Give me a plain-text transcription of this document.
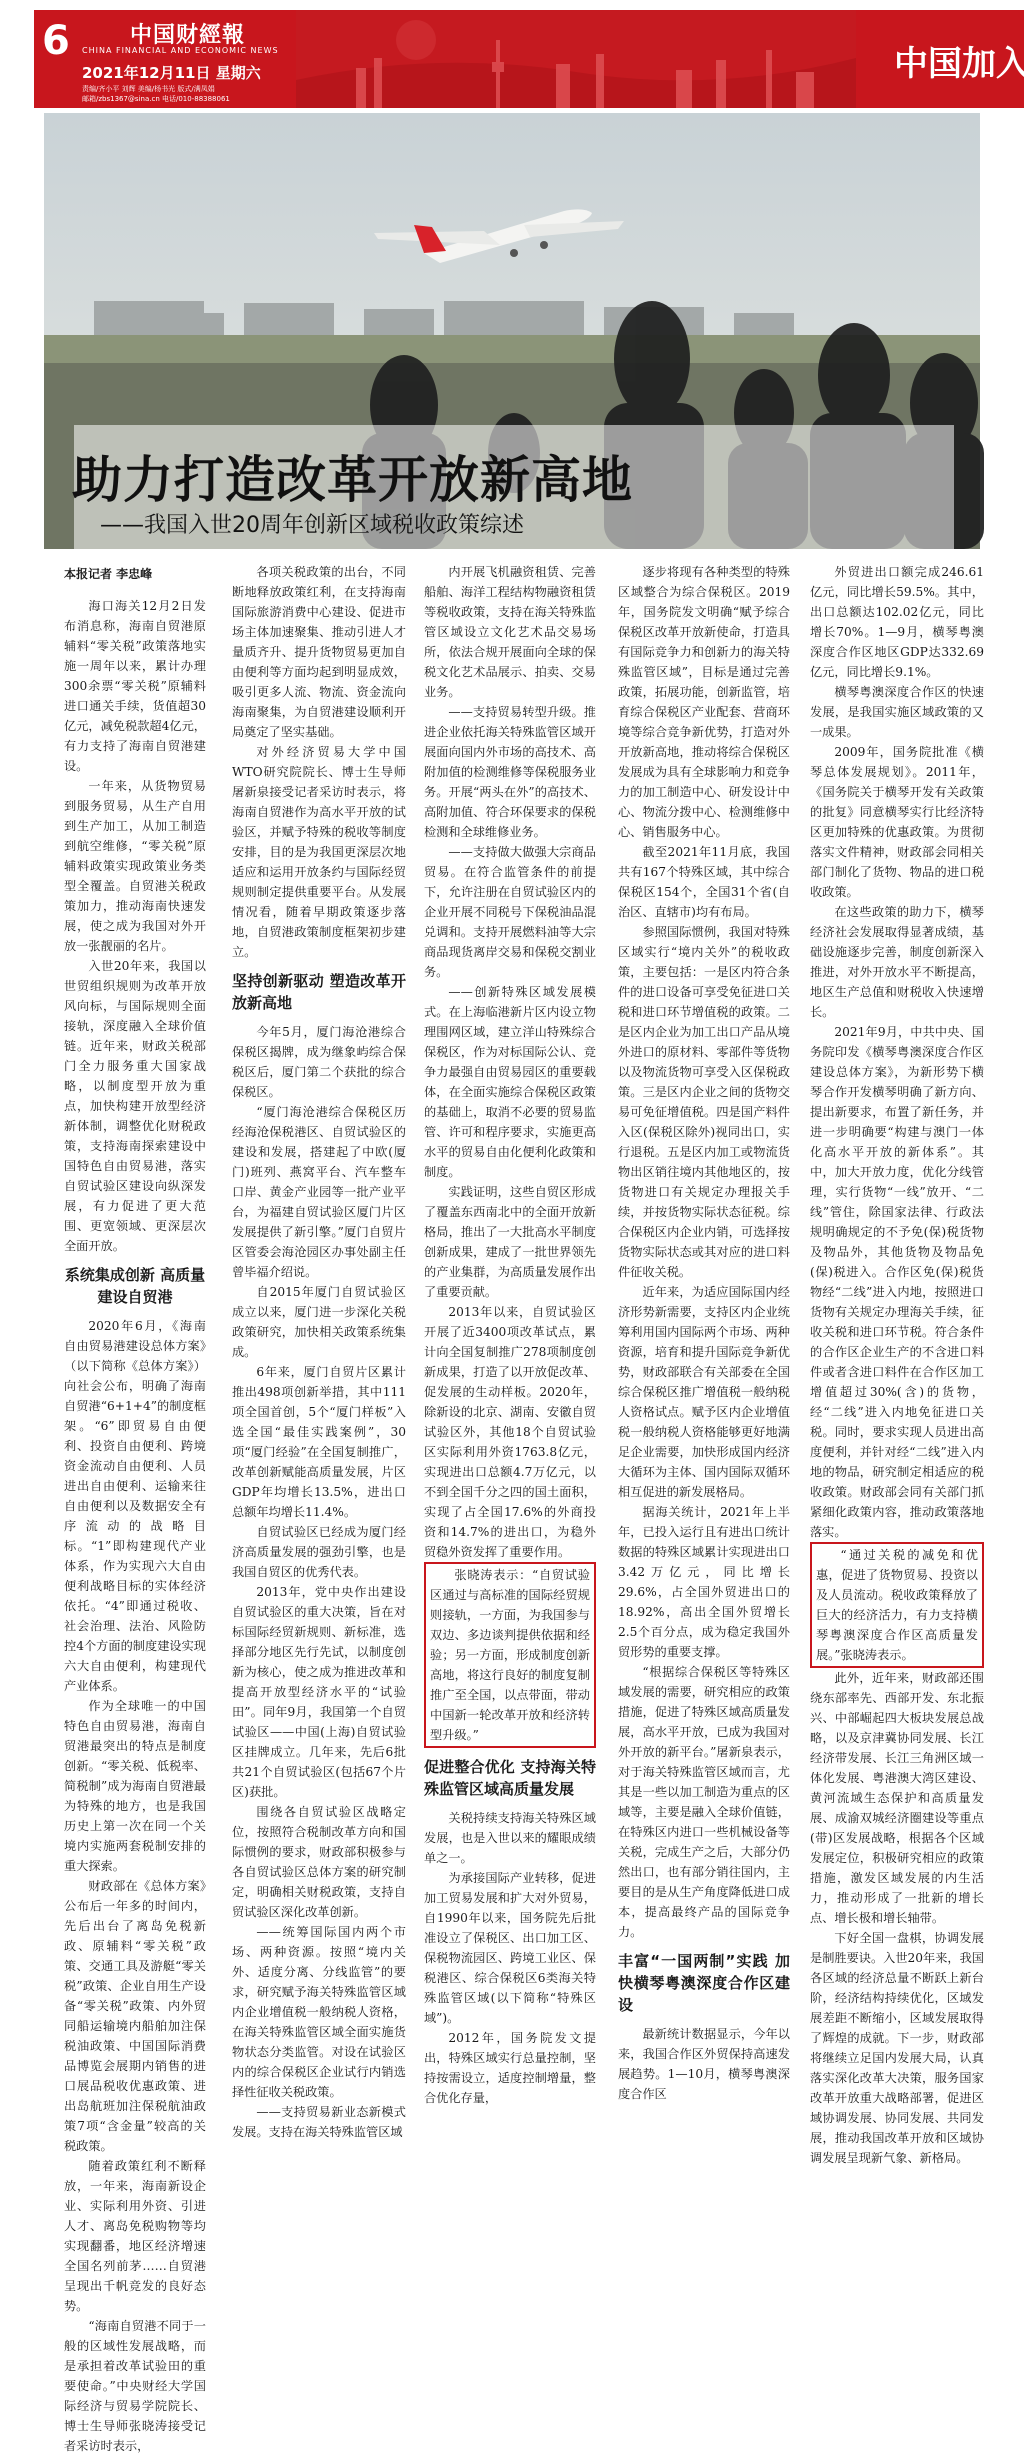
6	中国财經報
CHINA FINANCIAL AND ECONOMIC NEWS
2021年12月11日 星期六
责编/齐小平 刘辉 美编/杨书光 版式/满凤娟
邮箱/zbs1367@sina.cn 电话/010-88388061
中国加入
助力打造改革开放新高地
——我国入世20周年创新区域税收政策综述

本报记者 李忠峰

海口海关12月2日发布消息称，海南自贸港原辅料“零关税”政策落地实施一周年以来，累计办理300余票“零关税”原辅料进口通关手续，货值超30亿元，减免税款超4亿元，有力支持了海南自贸港建设。

一年来，从货物贸易到服务贸易，从生产自用到生产加工，从加工制造到航空维修，“零关税”原辅料政策实现政策业务类型全覆盖。自贸港关税政策加力，推动海南快速发展，使之成为我国对外开放一张靓丽的名片。

入世20年来，我国以世贸组织规则为改革开放风向标，与国际规则全面接轨，深度融入全球价值链。近年来，财政关税部门全力服务重大国家战略，以制度型开放为重点，加快构建开放型经济新体制，调整优化财税政策，支持海南探索建设中国特色自由贸易港，落实自贸试验区建设向纵深发展，有力促进了更大范围、更宽领域、更深层次全面开放。

系统集成创新 高质量建设自贸港

2020年6月，《海南自由贸易港建设总体方案》（以下简称《总体方案》）向社会公布，明确了海南自贸港“6+1+4”的制度框架。“6”即贸易自由便利、投资自由便利、跨境资金流动自由便利、人员进出自由便利、运输来往自由便利以及数据安全有序流动的战略目标。“1”即构建现代产业体系，作为实现六大自由便利战略目标的实体经济依托。“4”即通过税收、社会治理、法治、风险防控4个方面的制度建设实现六大自由便利，构建现代产业体系。

作为全球唯一的中国特色自由贸易港，海南自贸港最突出的特点是制度创新。“零关税、低税率、简税制”成为海南自贸港最为特殊的地方，也是我国历史上第一次在同一个关境内实施两套税制安排的重大探索。

财政部在《总体方案》公布后一年多的时间内，先后出台了离岛免税新政、原辅料“零关税”政策、交通工具及游艇“零关税”政策、企业自用生产设备“零关税”政策、内外贸同船运输境内船舶加注保税油政策、中国国际消费品博览会展期内销售的进口展品税收优惠政策、进出岛航班加注保税航油政策7项“含金量”较高的关税政策。

随着政策红利不断释放，一年来，海南新设企业、实际利用外资、引进人才、离岛免税购物等均实现翻番，地区经济增速全国名列前茅……自贸港呈现出千帆竞发的良好态势。

“海南自贸港不同于一般的区域性发展战略，而是承担着改革试验田的重要使命。”中央财经大学国际经济与贸易学院院长、博士生导师张晓涛接受记者采访时表示，

各项关税政策的出台，不同断地释放政策红利，在支持海南国际旅游消费中心建设、促进市场主体加速聚集、推动引进人才量质齐升、提升货物贸易更加自由便利等方面均起到明显成效，吸引更多人流、物流、资金流向海南聚集，为自贸港建设顺利开局奠定了坚实基础。

对外经济贸易大学中国WTO研究院院长、博士生导师屠新泉接受记者采访时表示，将海南自贸港作为高水平开放的试验区，并赋予特殊的税收等制度安排，目的是为我国更深层次地适应和运用开放条约与国际经贸规则制定提供重要平台。从发展情况看，随着早期政策逐步落地，自贸港政策制度框架初步建立。

坚持创新驱动 塑造改革开放新高地

今年5月，厦门海沧港综合保税区揭牌，成为继象屿综合保税区后，厦门第二个获批的综合保税区。

“厦门海沧港综合保税区历经海沧保税港区、自贸试验区的建设和发展，搭建起了中欧(厦门)班列、燕窝平台、汽车整车口岸、黄金产业园等一批产业平台，为福建自贸试验区厦门片区发展提供了新引擎。”厦门自贸片区管委会海沧园区办事处副主任曾毕福介绍说。

自2015年厦门自贸试验区成立以来，厦门进一步深化关税政策研究，加快相关政策系统集成。

6年来，厦门自贸片区累计推出498项创新举措，其中111项全国首创，5个“厦门样板”入选全国“最佳实践案例”，30项“厦门经验”在全国复制推广，改革创新赋能高质量发展，片区GDP年均增长13.5%，进出口总额年均增长11.4%。

自贸试验区已经成为厦门经济高质量发展的强劲引擎，也是我国自贸区的优秀代表。

2013年，党中央作出建设自贸试验区的重大决策，旨在对标国际经贸新规则、新标准，选择部分地区先行先试，以制度创新为核心，使之成为推进改革和提高开放型经济水平的“试验田”。同年9月，我国第一个自贸试验区——中国(上海)自贸试验区挂牌成立。几年来，先后6批共21个自贸试验区(包括67个片区)获批。

围绕各自贸试验区战略定位，按照符合税制改革方向和国际惯例的要求，财政部积极参与各自贸试验区总体方案的研究制定，明确相关财税政策，支持自贸试验区深化改革创新。

——统筹国际国内两个市场、两种资源。按照“境内关外、适度分离、分线监管”的要求，研究赋予海关特殊监管区域内企业增值税一般纳税人资格，在海关特殊监管区域全面实施货物状态分类监管。对设在试验区内的综合保税区企业试行内销选择性征收关税政策。

——支持贸易新业态新模式发展。支持在海关特殊监管区域

内开展飞机融资租赁、完善船舶、海洋工程结构物融资租赁等税收政策，支持在海关特殊监管区域设立文化艺术品交易场所，依法合规开展面向全球的保税文化艺术品展示、拍卖、交易业务。

——支持贸易转型升级。推进企业依托海关特殊监管区域开展面向国内外市场的高技术、高附加值的检测维修等保税服务业务。开展“两头在外”的高技术、高附加值、符合环保要求的保税检测和全球维修业务。

——支持做大做强大宗商品贸易。在符合监管条件的前提下，允许注册在自贸试验区内的企业开展不同税号下保税油品混兑调和。支持开展燃料油等大宗商品现货离岸交易和保税交割业务。

——创新特殊区域发展模式。在上海临港新片区内设立物理围网区域，建立洋山特殊综合保税区，作为对标国际公认、竞争力最强自由贸易园区的重要载体，在全面实施综合保税区政策的基础上，取消不必要的贸易监管、许可和程序要求，实施更高水平的贸易自由化便利化政策和制度。

实践证明，这些自贸区形成了覆盖东西南北中的全面开放新格局，推出了一大批高水平制度创新成果，建成了一批世界领先的产业集群，为高质量发展作出了重要贡献。

2013年以来，自贸试验区开展了近3400项改革试点，累计向全国复制推广278项制度创新成果，打造了以开放促改革、促发展的生动样板。2020年，除新设的北京、湖南、安徽自贸试验区外，其他18个自贸试验区实际利用外资1763.8亿元，实现进出口总额4.7万亿元，以不到全国千分之四的国土面积，实现了占全国17.6%的外商投资和14.7%的进出口，为稳外贸稳外资发挥了重要作用。

张晓涛表示：“自贸试验区通过与高标准的国际经贸规则接轨，一方面，为我国参与双边、多边谈判提供依据和经验；另一方面，形成制度创新高地，将这行良好的制度复制推广至全国，以点带面，带动中国新一轮改革开放和经济转型升级。”

促进整合优化 支持海关特殊监管区域高质量发展

关税持续支持海关特殊区域发展，也是入世以来的耀眼成绩单之一。

为承接国际产业转移，促进加工贸易发展和扩大对外贸易，自1990年以来，国务院先后批准设立了保税区、出口加工区、保税物流园区、跨境工业区、保税港区、综合保税区6类海关特殊监管区域(以下简称“特殊区域”)。

2012年，国务院发文提出，特殊区域实行总量控制，坚持按需设立，适度控制增量，整合优化存量，

逐步将现有各种类型的特殊区域整合为综合保税区。2019年，国务院发文明确“赋予综合保税区改革开放新使命，打造具有国际竞争力和创新力的海关特殊监管区域”，目标是通过完善政策，拓展功能，创新监管，培育综合保税区产业配套、营商环境等综合竞争新优势，打造对外开放新高地，推动将综合保税区发展成为具有全球影响力和竞争力的加工制造中心、研发设计中心、物流分拨中心、检测维修中心、销售服务中心。

截至2021年11月底，我国共有167个特殊区域，其中综合保税区154个，全国31个省(自治区、直辖市)均有布局。

参照国际惯例，我国对特殊区域实行“境内关外”的税收政策，主要包括：一是区内符合条件的进口设备可享受免征进口关税和进口环节增值税的政策。二是区内企业为加工出口产品从境外进口的原材料、零部件等货物以及物流货物可享受入区保税政策。三是区内企业之间的货物交易可免征增值税。四是国产料件入区(保税区除外)视同出口，实行退税。五是区内加工或物流货物出区销往境内其他地区的，按货物进口有关规定办理报关手续，并按货物实际状态征税。综合保税区内企业内销，可选择按货物实际状态或其对应的进口料件征收关税。

近年来，为适应国际国内经济形势新需要，支持区内企业统筹利用国内国际两个市场、两种资源，培育和提升国际竞争新优势，财政部联合有关部委在全国综合保税区推广增值税一般纳税人资格试点。赋予区内企业增值税一般纳税人资格能够更好地满足企业需要，加快形成国内经济大循环为主体、国内国际双循环相互促进的新发展格局。

据海关统计，2021年上半年，已投入运行且有进出口统计数据的特殊区域累计实现进出口3.42万亿元，同比增长29.6%，占全国外贸进出口的18.92%，高出全国外贸增长2.5个百分点，成为稳定我国外贸形势的重要支撑。

“根据综合保税区等特殊区域发展的需要，研究相应的政策措施，促进了特殊区域高质量发展，高水平开放，已成为我国对外开放的新平台。”屠新泉表示，对于海关特殊监管区域而言，尤其是一些以加工制造为重点的区域等，主要是融入全球价值链，在特殊区内进口一些机械设备等关税，完成生产之后，大部分仍然出口，也有部分销往国内，主要目的是从生产角度降低进口成本，提高最终产品的国际竞争力。

丰富“一国两制”实践 加快横琴粤澳深度合作区建设

最新统计数据显示，今年以来，我国合作区外贸保持高速发展趋势。1—10月，横琴粤澳深度合作区

外贸进出口额完成246.61亿元，同比增长59.5%。其中，出口总额达102.02亿元，同比增长70%。1—9月，横琴粤澳深度合作区地区GDP达332.69亿元，同比增长9.1%。

横琴粤澳深度合作区的快速发展，是我国实施区域政策的又一成果。

2009年，国务院批准《横琴总体发展规划》。2011年，《国务院关于横琴开发有关政策的批复》同意横琴实行比经济特区更加特殊的优惠政策。为贯彻落实文件精神，财政部会同相关部门制化了货物、物品的进口税收政策。

在这些政策的助力下，横琴经济社会发展取得显著成绩，基础设施逐步完善，制度创新深入推进，对外开放水平不断提高，地区生产总值和财税收入快速增长。

2021年9月，中共中央、国务院印发《横琴粤澳深度合作区建设总体方案》，为新形势下横琴合作开发横琴明确了新方向、提出新要求，布置了新任务，并进一步明确要“构建与澳门一体化高水平开放的新体系”。其中，加大开放力度，优化分线管理，实行货物“一线”放开、“二线”管住，除国家法律、行政法规明确规定的不予免(保)税货物及物品外，其他货物及物品免(保)税进入。合作区免(保)税货物经“二线”进入内地，按照进口货物有关规定办理海关手续，征收关税和进口环节税。符合条件的合作区企业生产的不含进口料件或者含进口料件在合作区加工增值超过30%(含)的货物，经“二线”进入内地免征进口关税。同时，要求实现人员进出高度便利，并针对经“二线”进入内地的物品，研究制定相适应的税收政策。财政部会同有关部门抓紧细化政策内容，推动政策落地落实。

“通过关税的减免和优惠，促进了货物贸易、投资以及人员流动。税收政策释放了巨大的经济活力，有力支持横琴粤澳深度合作区高质量发展。”张晓涛表示。

此外，近年来，财政部还围绕东部率先、西部开发、东北振兴、中部崛起四大板块发展总战略，以及京津冀协同发展、长江经济带发展、长江三角洲区域一体化发展、粤港澳大湾区建设、黄河流域生态保护和高质量发展、成渝双城经济圈建设等重点(带)区发展战略，根据各个区域发展定位，积极研究相应的政策措施，激发区域发展的内生活力，推动形成了一批新的增长点、增长极和增长轴带。

下好全国一盘棋，协调发展是制胜要诀。入世20年来，我国各区域的经济总量不断跃上新台阶，经济结构持续优化，区域发展差距不断缩小，区域发展取得了辉煌的成就。下一步，财政部将继续立足国内发展大局，认真落实深化改革大决策，服务国家改革开放重大战略部署，促进区域协调发展、协同发展、共同发展，推动我国改革开放和区域协调发展呈现新气象、新格局。
